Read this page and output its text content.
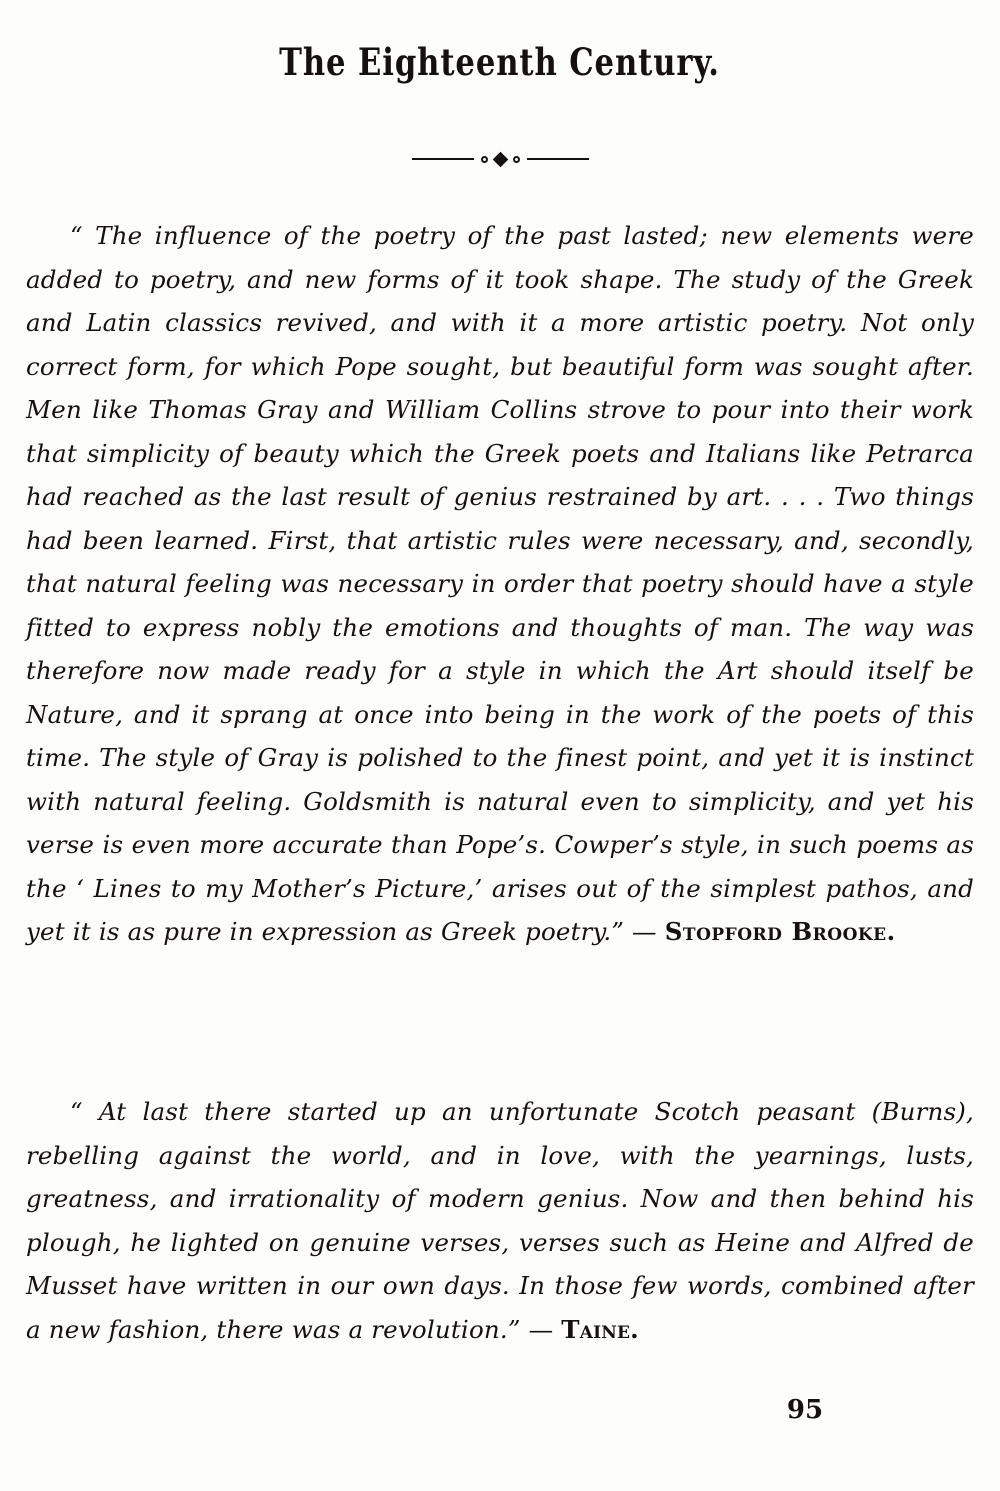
The Eighteenth Century.

“ The influence of the poetry of the past lasted; new elements were added to poetry, and new forms of it took shape. The study of the Greek and Latin classics revived, and with it a more artistic poetry. Not only correct form, for which Pope sought, but beautiful form was sought after. Men like Thomas Gray and William Collins strove to pour into their work that simplicity of beauty which the Greek poets and Italians like Petrarca had reached as the last result of genius restrained by art. . . . Two things had been learned. First, that artistic rules were necessary, and, secondly, that natural feeling was necessary in order that poetry should have a style fitted to express nobly the emotions and thoughts of man. The way was therefore now made ready for a style in which the Art should itself be Nature, and it sprang at once into being in the work of the poets of this time. The style of Gray is polished to the finest point, and yet it is instinct with natural feeling. Goldsmith is natural even to simplicity, and yet his verse is even more accurate than Pope’s. Cowper’s style, in such poems as the ‘ Lines to my Mother’s Picture,’ arises out of the simplest pathos, and yet it is as pure in expression as Greek poetry.” — Stopford Brooke.

“ At last there started up an unfortunate Scotch peasant (Burns), rebelling against the world, and in love, with the yearnings, lusts, greatness, and irrationality of modern genius. Now and then behind his plough, he lighted on genuine verses, verses such as Heine and Alfred de Musset have written in our own days. In those few words, combined after a new fashion, there was a revolution.” — Taine.

95
